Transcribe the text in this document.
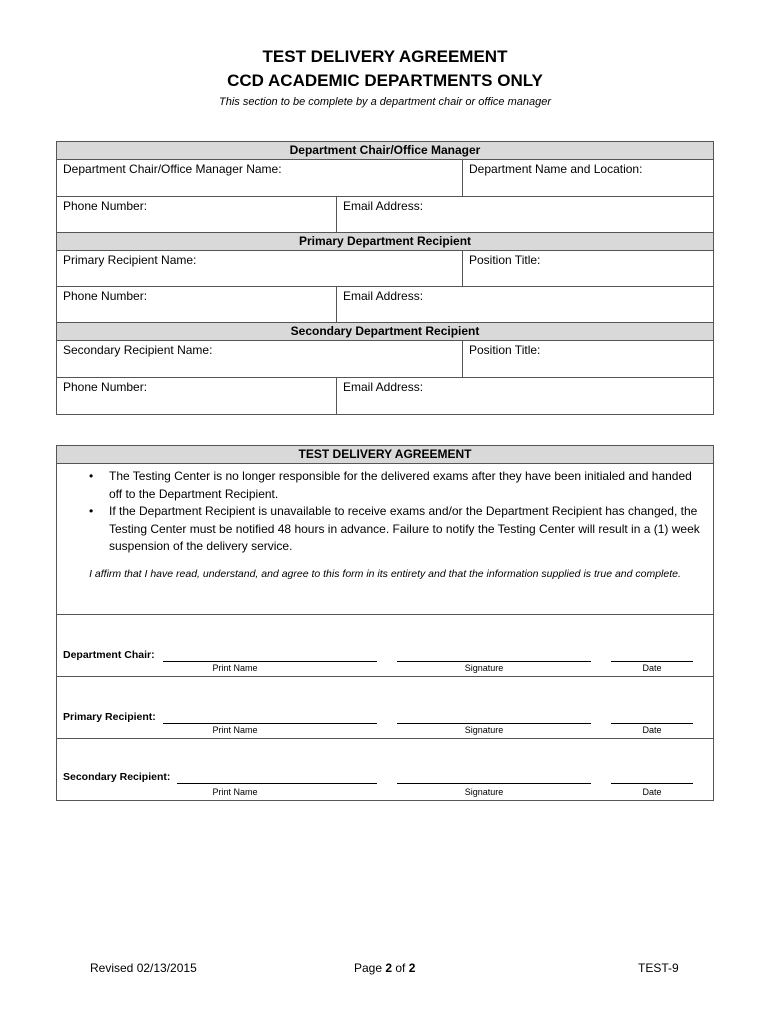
TEST DELIVERY AGREEMENT
CCD ACADEMIC DEPARTMENTS ONLY
This section to be complete by a department chair or office manager
Department Chair/Office Manager
Department Chair/Office Manager Name:	Department Name and Location:
Phone Number:	Email Address:
Primary Department Recipient
Primary Recipient Name:	Position Title:
Phone Number:	Email Address:
Secondary Department Recipient
Secondary Recipient Name:	Position Title:
Phone Number:	Email Address:
TEST DELIVERY AGREEMENT
• The Testing Center is no longer responsible for the delivered exams after they have been initialed and handed off to the Department Recipient.
• If the Department Recipient is unavailable to receive exams and/or the Department Recipient has changed, the Testing Center must be notified 48 hours in advance. Failure to notify the Testing Center will result in a (1) week suspension of the delivery service.
I affirm that I have read, understand, and agree to this form in its entirety and that the information supplied is true and complete.
Department Chair:
Print Name	Signature	Date
Primary Recipient:
Print Name	Signature	Date
Secondary Recipient:
Print Name	Signature	Date
Revised 02/13/2015	Page 2 of 2	TEST-9
